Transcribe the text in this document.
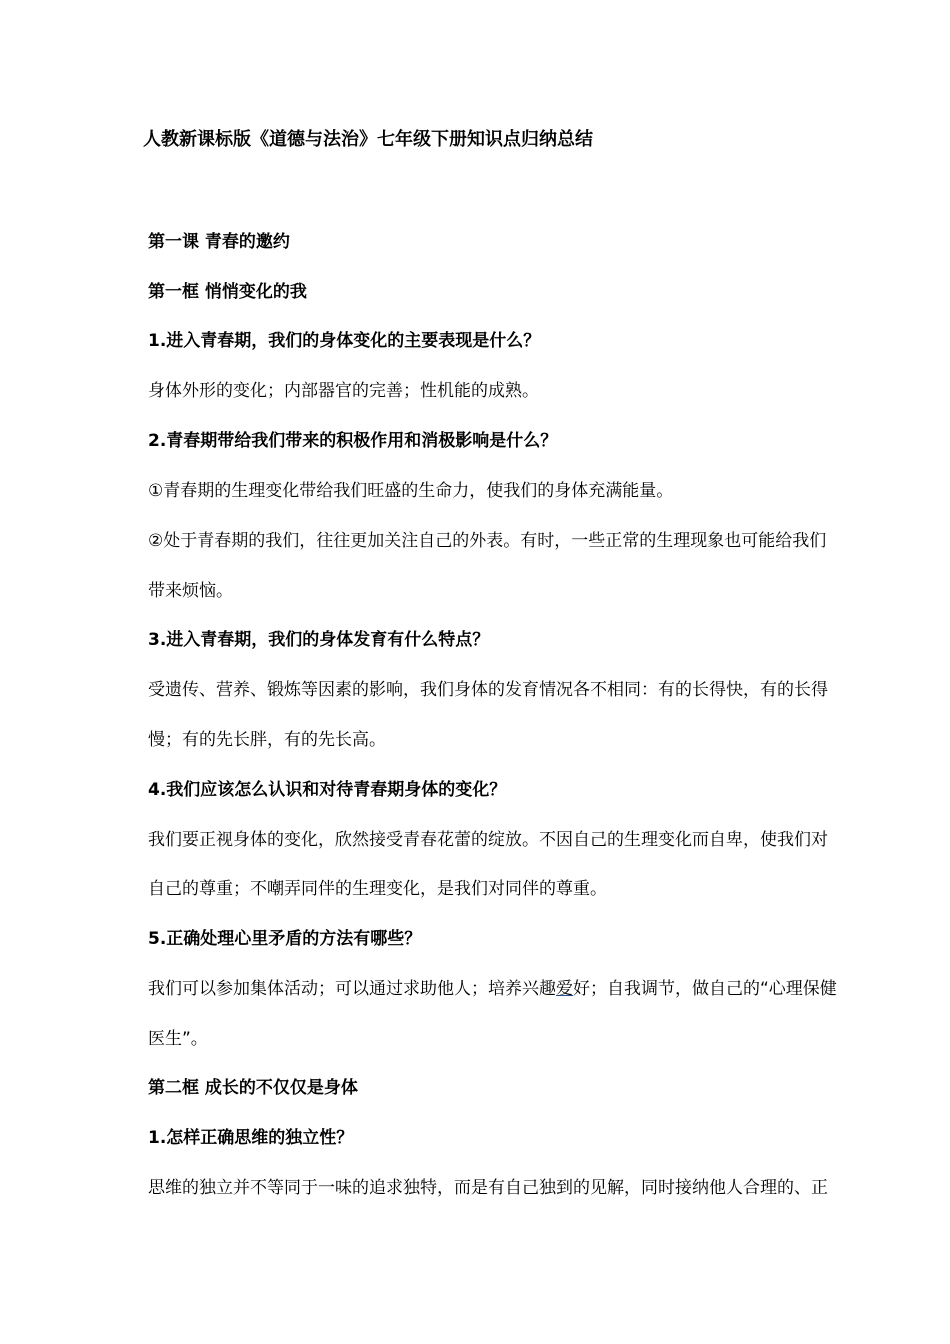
人教新课标版《道德与法治》七年级下册知识点归纳总结
第一课 青春的邀约
第一框 悄悄变化的我
1.进入青春期，我们的身体变化的主要表现是什么？
身体外形的变化；内部器官的完善；性机能的成熟。
2.青春期带给我们带来的积极作用和消极影响是什么？
①青春期的生理变化带给我们旺盛的生命力，使我们的身体充满能量。
②处于青春期的我们，往往更加关注自己的外表。有时，一些正常的生理现象也可能给我们
带来烦恼。
3.进入青春期，我们的身体发育有什么特点？
受遗传、营养、锻炼等因素的影响，我们身体的发育情况各不相同：有的长得快，有的长得
慢；有的先长胖，有的先长高。
4.我们应该怎么认识和对待青春期身体的变化？
我们要正视身体的变化，欣然接受青春花蕾的绽放。不因自己的生理变化而自卑，使我们对
自己的尊重；不嘲弄同伴的生理变化，是我们对同伴的尊重。
5.正确处理心里矛盾的方法有哪些？
我们可以参加集体活动；可以通过求助他人；培养兴趣爱好；自我调节，做自己的“心理保健
医生”。
第二框 成长的不仅仅是身体
1.怎样正确思维的独立性？
思维的独立并不等同于一味的追求独特，而是有自己独到的见解，同时接纳他人合理的、正
